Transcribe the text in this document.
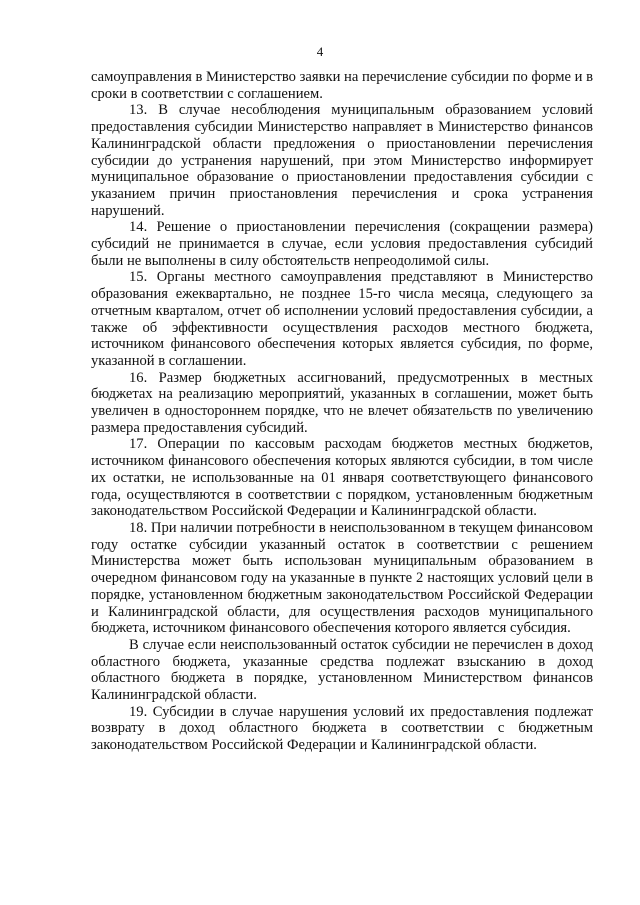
4

самоуправления в Министерство заявки на перечисление субсидии по форме и в сроки в соответствии с соглашением.

13. В случае несоблюдения муниципальным образованием условий предоставления субсидии Министерство направляет в Министерство финансов Калининградской области предложения о приостановлении перечисления субсидии до устранения нарушений, при этом Министерство информирует муниципальное образование о приостановлении предоставления субсидии с указанием причин приостановления перечисления и срока устранения нарушений.

14. Решение о приостановлении перечисления (сокращении размера) субсидий не принимается в случае, если условия предоставления субсидий были не выполнены в силу обстоятельств непреодолимой силы.

15. Органы местного самоуправления представляют в Министерство образования ежеквартально, не позднее 15-го числа месяца, следующего за отчетным кварталом, отчет об исполнении условий предоставления субсидии, а также об эффективности осуществления расходов местного бюджета, источником финансового обеспечения которых является субсидия, по форме, указанной в соглашении.

16. Размер бюджетных ассигнований, предусмотренных в местных бюджетах на реализацию мероприятий, указанных в соглашении, может быть увеличен в одностороннем порядке, что не влечет обязательств по увеличению размера предоставления субсидий.

17. Операции по кассовым расходам бюджетов местных бюджетов, источником финансового обеспечения которых являются субсидии, в том числе их остатки, не использованные на 01 января соответствующего финансового года, осуществляются в соответствии с порядком, установленным бюджетным законодательством Российской Федерации и Калининградской области.

18. При наличии потребности в неиспользованном в текущем финансовом году остатке субсидии указанный остаток в соответствии с решением Министерства может быть использован муниципальным образованием в очередном финансовом году на указанные в пункте 2 настоящих условий цели в порядке, установленном бюджетным законодательством Российской Федерации и Калининградской области, для осуществления расходов муниципального бюджета, источником финансового обеспечения которого является субсидия.

В случае если неиспользованный остаток субсидии не перечислен в доход областного бюджета, указанные средства подлежат взысканию в доход областного бюджета в порядке, установленном Министерством финансов Калининградской области.

19. Субсидии в случае нарушения условий их предоставления подлежат возврату в доход областного бюджета в соответствии с бюджетным законодательством Российской Федерации и Калининградской области.
